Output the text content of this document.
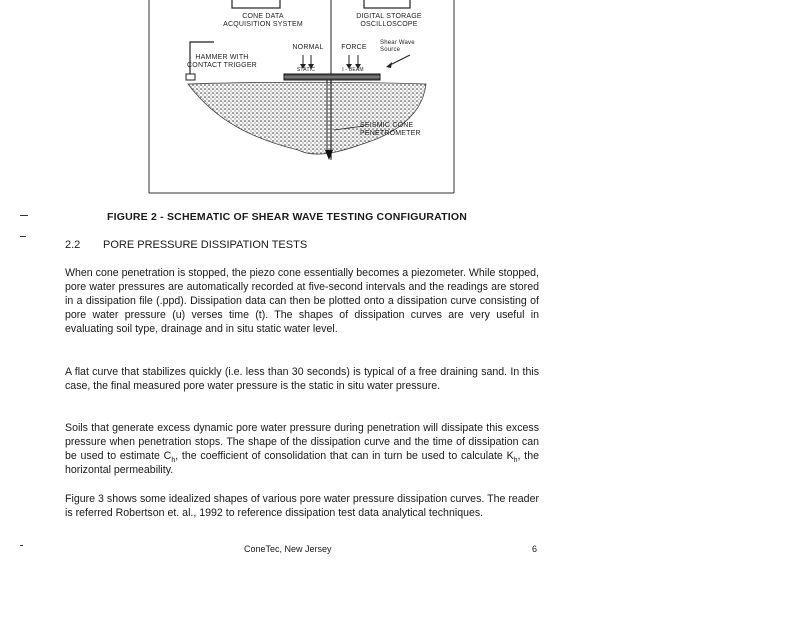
CONE DATA
ACQUISITION SYSTEM
DIGITAL STORAGE
OSCILLOSCOPE
Shear Wave
Source
HAMMER WITH
CONTACT TRIGGER
NORMAL	FORCE
STATIC	I - BEAM
SEISMIC CONE
PENETROMETER
FIGURE 2 - SCHEMATIC OF SHEAR WAVE TESTING CONFIGURATION
2.2 PORE PRESSURE DISSIPATION TESTS
When cone penetration is stopped, the piezo cone essentially becomes a piezometer. While stopped, pore water pressures are automatically recorded at five-second intervals and the readings are stored in a dissipation file (.ppd). Dissipation data can then be plotted onto a dissipation curve consisting of pore water pressure (u) verses time (t). The shapes of dissipation curves are very useful in evaluating soil type, drainage and in situ static water level.
A flat curve that stabilizes quickly (i.e. less than 30 seconds) is typical of a free draining sand. In this case, the final measured pore water pressure is the static in situ water pressure.
Soils that generate excess dynamic pore water pressure during penetration will dissipate this excess pressure when penetration stops. The shape of the dissipation curve and the time of dissipation can be used to estimate $C_h$, the coefficient of consolidation that can in turn be used to calculate $K_h$, the horizontal permeability.
Figure 3 shows some idealized shapes of various pore water pressure dissipation curves. The reader is referred Robertson et. al., 1992 to reference dissipation test data analytical techniques.
ConeTec, New Jersey	6
